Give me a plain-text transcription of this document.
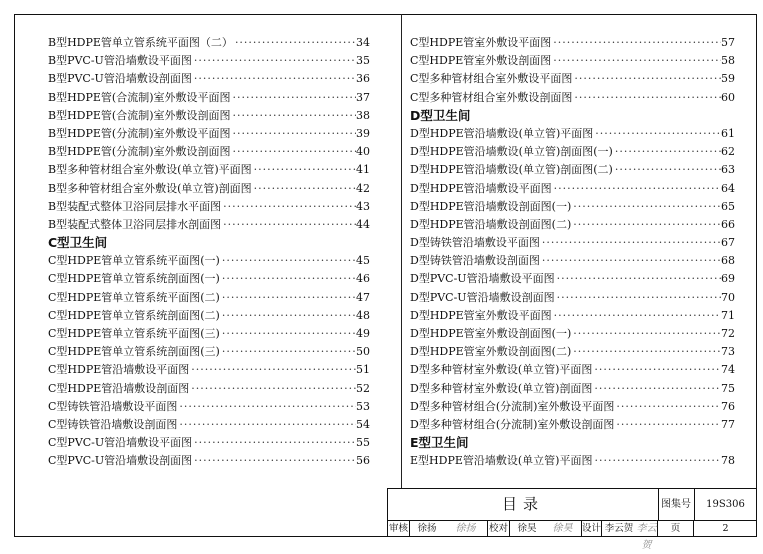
B型HDPE管单立管系统平面图（二） ·····	34
B型PVC-U管沿墙敷设平面图 ·····	35
B型PVC-U管沿墙敷设剖面图 ·····	36
B型HDPE管(合流制)室外敷设平面图 ·····	37
B型HDPE管(合流制)室外敷设剖面图 ·····	38
B型HDPE管(分流制)室外敷设平面图 ·····	39
B型HDPE管(分流制)室外敷设剖面图 ·····	40
B型多种管材组合室外敷设(单立管)平面图 ·····	41
B型多种管材组合室外敷设(单立管)剖面图 ·····	42
B型装配式整体卫浴同层排水平面图 ·····	43
B型装配式整体卫浴同层排水剖面图 ·····	44
C型卫生间
C型HDPE管单立管系统平面图(一) ·····	45
C型HDPE管单立管系统剖面图(一) ·····	46
C型HDPE管单立管系统平面图(二) ·····	47
C型HDPE管单立管系统剖面图(二) ·····	48
C型HDPE管单立管系统平面图(三) ·····	49
C型HDPE管单立管系统剖面图(三) ·····	50
C型HDPE管沿墙敷设平面图 ·····	51
C型HDPE管沿墙敷设剖面图 ·····	52
C型铸铁管沿墙敷设平面图 ·····	53
C型铸铁管沿墙敷设剖面图 ·····	54
C型PVC-U管沿墙敷设平面图 ·····	55
C型PVC-U管沿墙敷设剖面图 ·····	56
C型HDPE管室外敷设平面图 ·····	57
C型HDPE管室外敷设剖面图 ·····	58
C型多种管材组合室外敷设平面图 ·····	59
C型多种管材组合室外敷设剖面图 ·····	60
D型卫生间
D型HDPE管沿墙敷设(单立管)平面图 ·····	61
D型HDPE管沿墙敷设(单立管)剖面图(一) ·····	62
D型HDPE管沿墙敷设(单立管)剖面图(二) ·····	63
D型HDPE管沿墙敷设平面图 ·····	64
D型HDPE管沿墙敷设剖面图(一) ·····	65
D型HDPE管沿墙敷设剖面图(二) ·····	66
D型铸铁管沿墙敷设平面图 ·····	67
D型铸铁管沿墙敷设剖面图 ·····	68
D型PVC-U管沿墙敷设平面图 ·····	69
D型PVC-U管沿墙敷设剖面图 ·····	70
D型HDPE管室外敷设平面图 ·····	71
D型HDPE管室外敷设剖面图(一) ·····	72
D型HDPE管室外敷设剖面图(二) ·····	73
D型多种管材室外敷设(单立管)平面图 ·····	74
D型多种管材室外敷设(单立管)剖面图 ·····	75
D型多种管材组合(分流制)室外敷设平面图 ·····	76
D型多种管材组合(分流制)室外敷设剖面图 ·····	77
E型卫生间
E型HDPE管沿墙敷设(单立管)平面图 ·····	78
目录	图集号	19S306
审核 徐扬	徐扬	校对 徐昊	徐昊	设计 李云贺 李云贺
页	2
